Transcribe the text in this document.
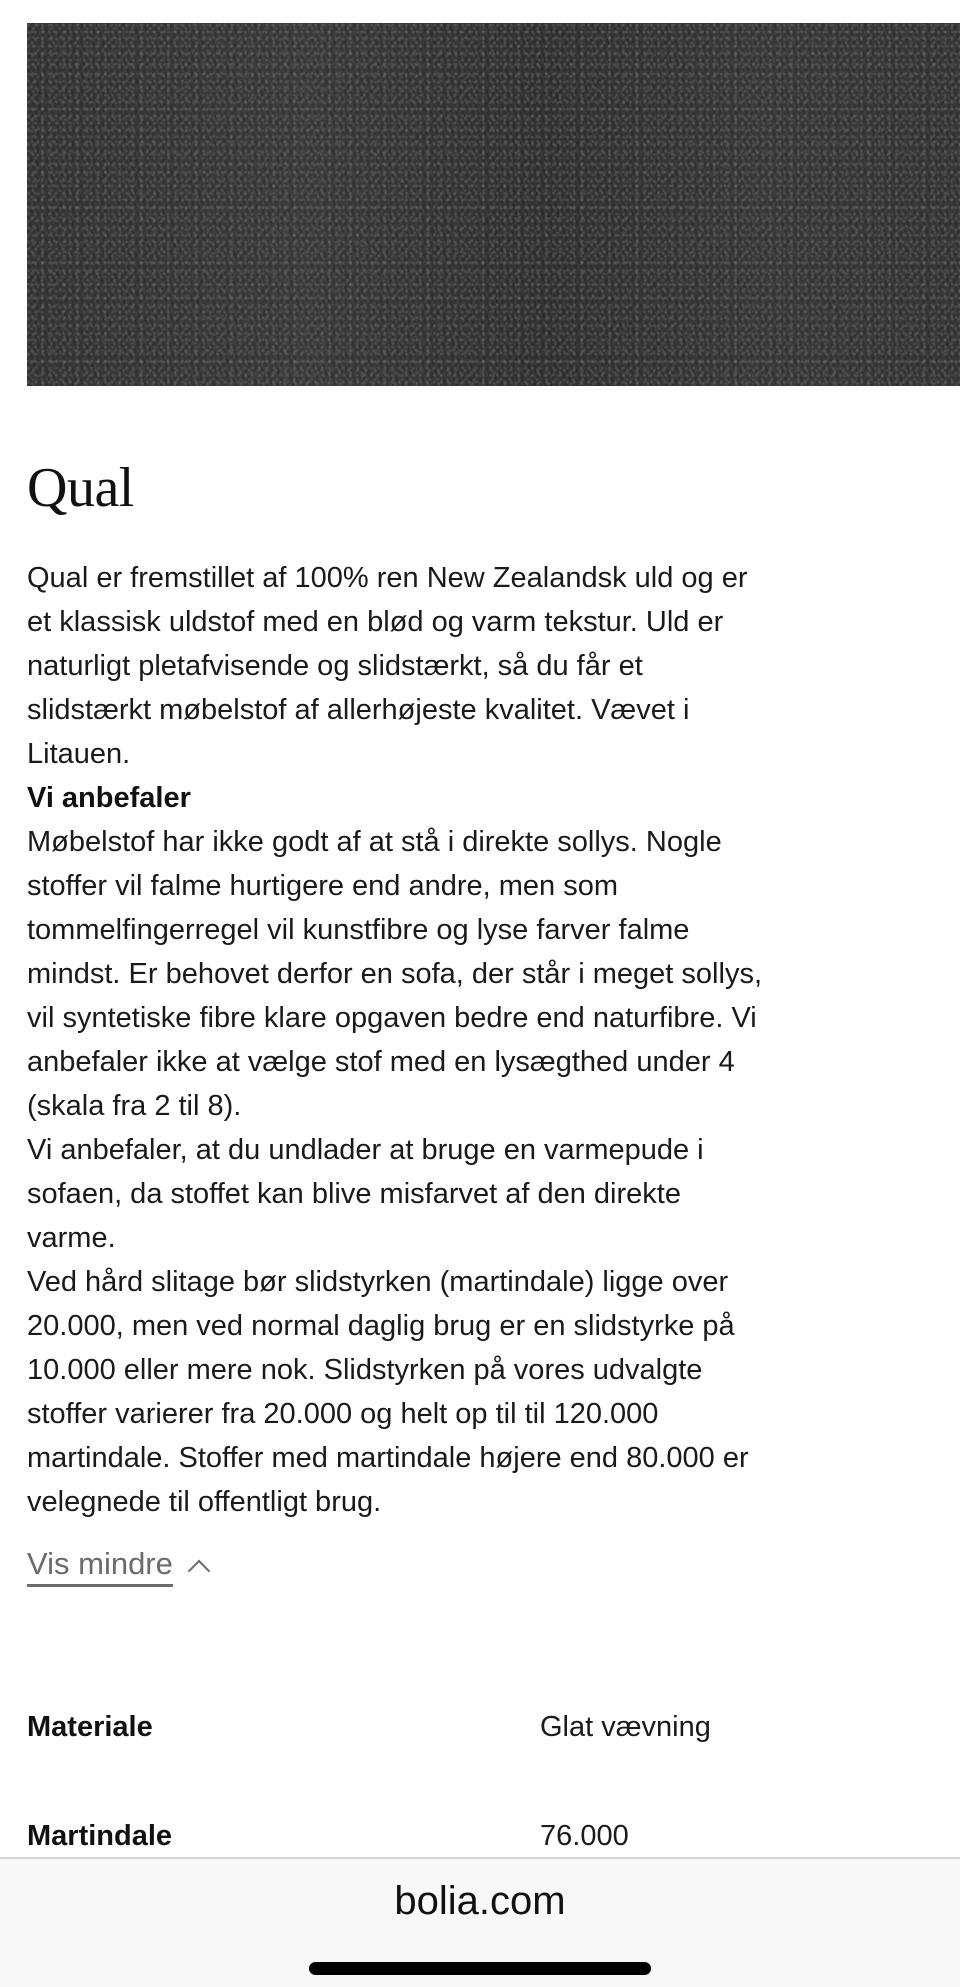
Qual

Qual er fremstillet af 100% ren New Zealandsk uld og er

et klassisk uldstof med en blød og varm tekstur. Uld er

naturligt pletafvisende og slidstærkt, så du får et

slidstærkt møbelstof af allerhøjeste kvalitet. Vævet i

Litauen.

Vi anbefaler

Møbelstof har ikke godt af at stå i direkte sollys. Nogle

stoffer vil falme hurtigere end andre, men som

tommelfingerregel vil kunstfibre og lyse farver falme

mindst. Er behovet derfor en sofa, der står i meget sollys,

vil syntetiske fibre klare opgaven bedre end naturfibre. Vi

anbefaler ikke at vælge stof med en lysægthed under 4

(skala fra 2 til 8).

Vi anbefaler, at du undlader at bruge en varmepude i

sofaen, da stoffet kan blive misfarvet af den direkte

varme.

Ved hård slitage bør slidstyrken (martindale) ligge over

20.000, men ved normal daglig brug er en slidstyrke på

10.000 eller mere nok. Slidstyrken på vores udvalgte

stoffer varierer fra 20.000 og helt op til til 120.000

martindale. Stoffer med martindale højere end 80.000 er

velegnede til offentligt brug.

Vis mindre
Materiale	Glat vævning
Martindale	76.000
bolia.com
